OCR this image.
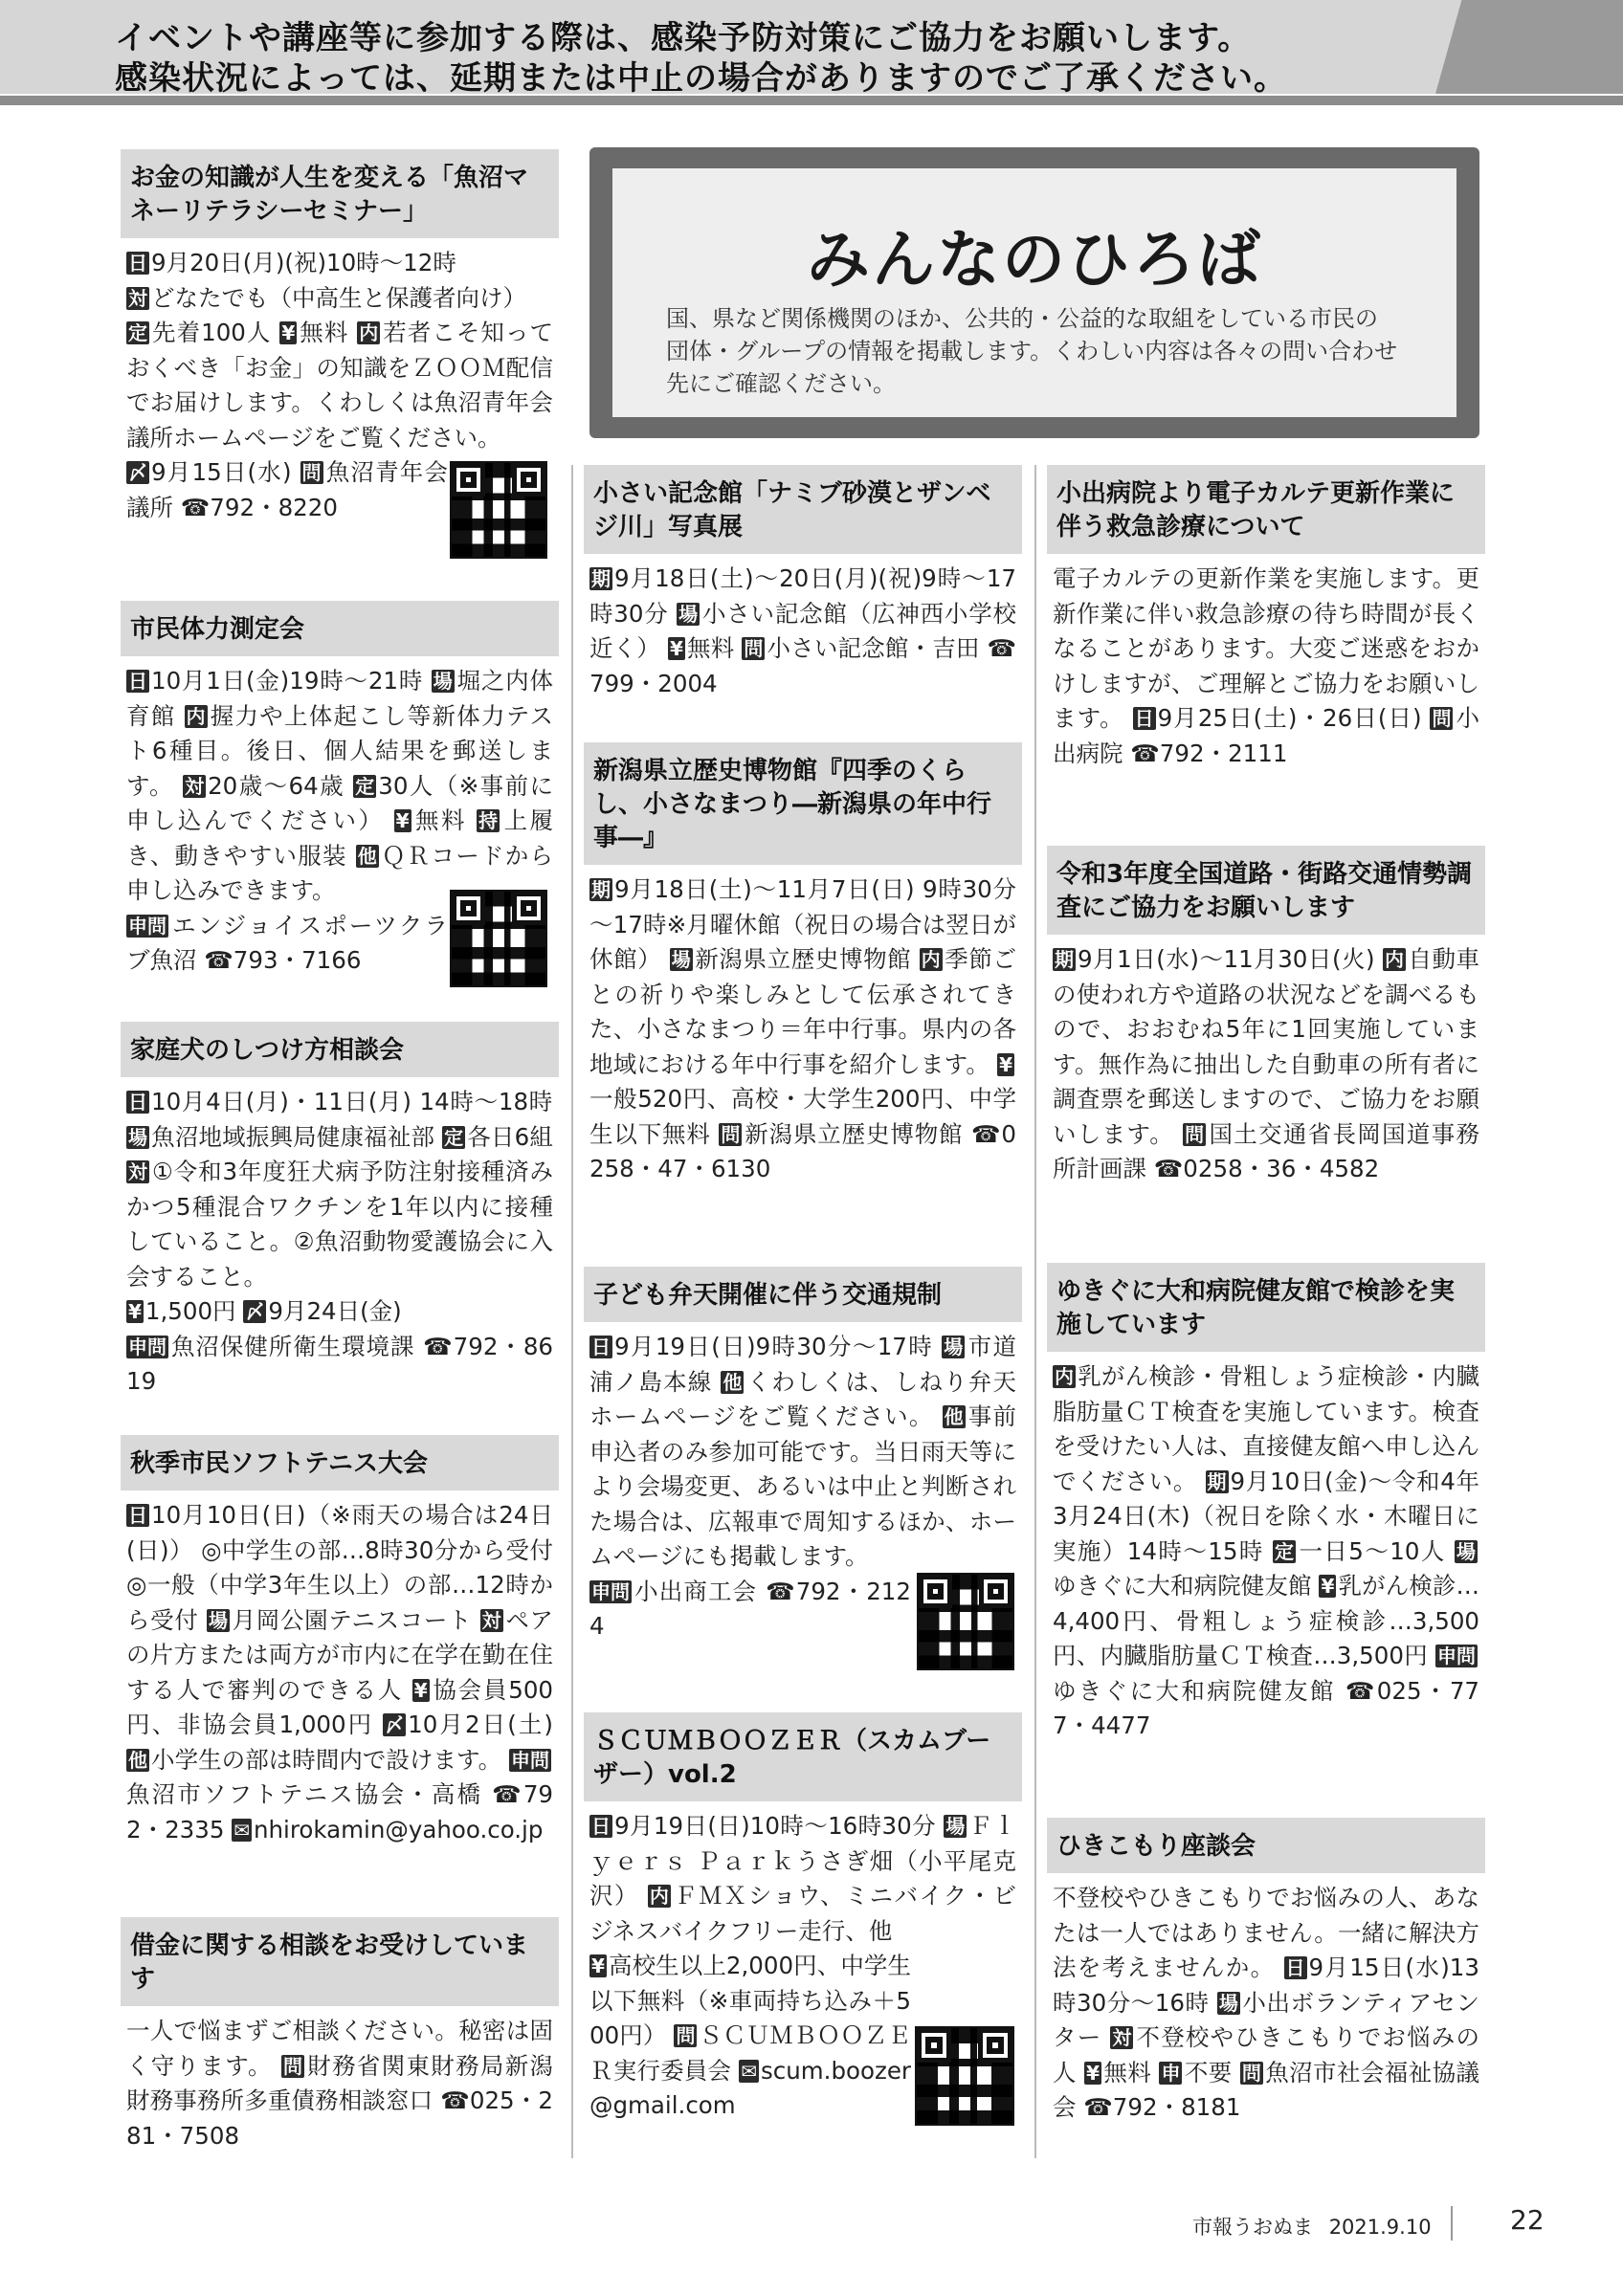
イベントや講座等に参加する際は、感染予防対策にご協力をお願いします。
感染状況によっては、延期または中止の場合がありますのでご了承ください。
みんなのひろば

国、県など関係機関のほか、公共的・公益的な取組をしている市民の団体・グループの情報を掲載します。くわしい内容は各々の問い合わせ先にご確認ください。

お金の知識が人生を変える「魚沼マネーリテラシーセミナー」
日 9月20日(月)(祝)10時～12時
対 どなたでも（中高生と保護者向け）
定 先着100人 ¥ 無料 内 若者こそ知っておくべき「お金」の知識をＺＯＯＭ配信でお届けします。くわしくは魚沼青年会議所ホームページをご覧ください。

〆 9月15日(水) 問 魚沼青年会議所 ☎792・8220
市民体力測定会
日 10月1日(金)19時～21時 場 堀之内体育館 内 握力や上体起こし等新体力テスト6種目。後日、個人結果を郵送します。 対 20歳～64歳 定 30人（※事前に申し込んでください） ¥ 無料 持 上履き、動きやすい服装 他 ＱＲコードから申し込みできます。
申問 エンジョイスポーツクラブ魚沼 ☎793・7166
家庭犬のしつけ方相談会
日 10月4日(月)・11日(月) 14時～18時 場 魚沼地域振興局健康福祉部 定 各日6組 対 ①令和3年度狂犬病予防注射接種済みかつ5種混合ワクチンを1年以内に接種していること。②魚沼動物愛護協会に入会すること。
¥ 1,500円 〆 9月24日(金)
申問 魚沼保健所衛生環境課 ☎792・8619
秋季市民ソフトテニス大会
日 10月10日(日)（※雨天の場合は24日(日)） ◎中学生の部…8時30分から受付 ◎一般（中学3年生以上）の部…12時から受付 場 月岡公園テニスコート 対 ペアの片方または両方が市内に在学在勤在住する人で審判のできる人 ¥ 協会員500円、非協会員1,000円 〆 10月2日(土) 他 小学生の部は時間内で設けます。 申問魚沼市ソフトテニス協会・高橋 ☎792・2335 ✉ nhirokamin@yahoo.co.jp
借金に関する相談をお受けしています
一人で悩まずご相談ください。秘密は固く守ります。 問 財務省関東財務局新潟財務事務所多重債務相談窓口 ☎025・281・7508
小さい記念館「ナミブ砂漠とザンベジ川」写真展
期 9月18日(土)～20日(月)(祝)9時～17時30分 場 小さい記念館（広神西小学校近く） ¥ 無料 問 小さい記念館・吉田 ☎799・2004
新潟県立歴史博物館『四季のくらし、小さなまつり―新潟県の年中行事―』
期 9月18日(土)～11月7日(日) 9時30分～17時※月曜休館（祝日の場合は翌日が休館） 場 新潟県立歴史博物館 内 季節ごとの祈りや楽しみとして伝承されてきた、小さなまつり＝年中行事。県内の各地域における年中行事を紹介します。 ¥一般520円、高校・大学生200円、中学生以下無料 問 新潟県立歴史博物館 ☎0258・47・6130
子ども弁天開催に伴う交通規制
日 9月19日(日)9時30分～17時 場 市道浦ノ島本線 他 くわしくは、しねり弁天ホームページをご覧ください。 他 事前申込者のみ参加可能です。当日雨天等により会場変更、あるいは中止と判断された場合は、広報車で周知するほか、ホームページにも掲載します。
申問 小出商工会 ☎792・2124
ＳＣＵＭＢＯＯＺＥＲ（スカムブーザー）vol.2
日 9月19日(日)10時～16時30分 場 Ｆｌｙｅｒｓ Ｐａｒｋうさぎ畑（小平尾克沢） 内 ＦＭＸショウ、ミニバイク・ビジネスバイクフリー走行、他
¥ 高校生以上2,000円、中学生以下無料（※車両持ち込み＋500円） 問 ＳＣＵＭＢＯＯＺＥＲ実行委員会 ✉ scum.boozer@gmail.com
小出病院より電子カルテ更新作業に伴う救急診療について
電子カルテの更新作業を実施します。更新作業に伴い救急診療の待ち時間が長くなることがあります。大変ご迷惑をおかけしますが、ご理解とご協力をお願いします。 日 9月25日(土)・26日(日) 問 小出病院 ☎792・2111
令和3年度全国道路・街路交通情勢調査にご協力をお願いします
期 9月1日(水)～11月30日(火) 内 自動車の使われ方や道路の状況などを調べるもので、おおむね5年に1回実施しています。無作為に抽出した自動車の所有者に調査票を郵送しますので、ご協力をお願いします。 問 国土交通省長岡国道事務所計画課 ☎0258・36・4582
ゆきぐに大和病院健友館で検診を実施しています
内 乳がん検診・骨粗しょう症検診・内臓脂肪量ＣＴ検査を実施しています。検査を受けたい人は、直接健友館へ申し込んでください。 期 9月10日(金)～令和4年3月24日(木)（祝日を除く水・木曜日に実施）14時～15時 定 一日5～10人 場ゆきぐに大和病院健友館 ¥ 乳がん検診…4,400円、骨粗しょう症検診…3,500円、内臓脂肪量ＣＴ検査…3,500円 申問ゆきぐに大和病院健友館 ☎025・777・4477
ひきこもり座談会
不登校やひきこもりでお悩みの人、あなたは一人ではありません。一緒に解決方法を考えませんか。 日 9月15日(水)13時30分～16時 場 小出ボランティアセンター 対 不登校やひきこもりでお悩みの人 ¥ 無料 申 不要 問 魚沼市社会福祉協議会 ☎792・8181
市報うおぬま 2021.9.10	22
